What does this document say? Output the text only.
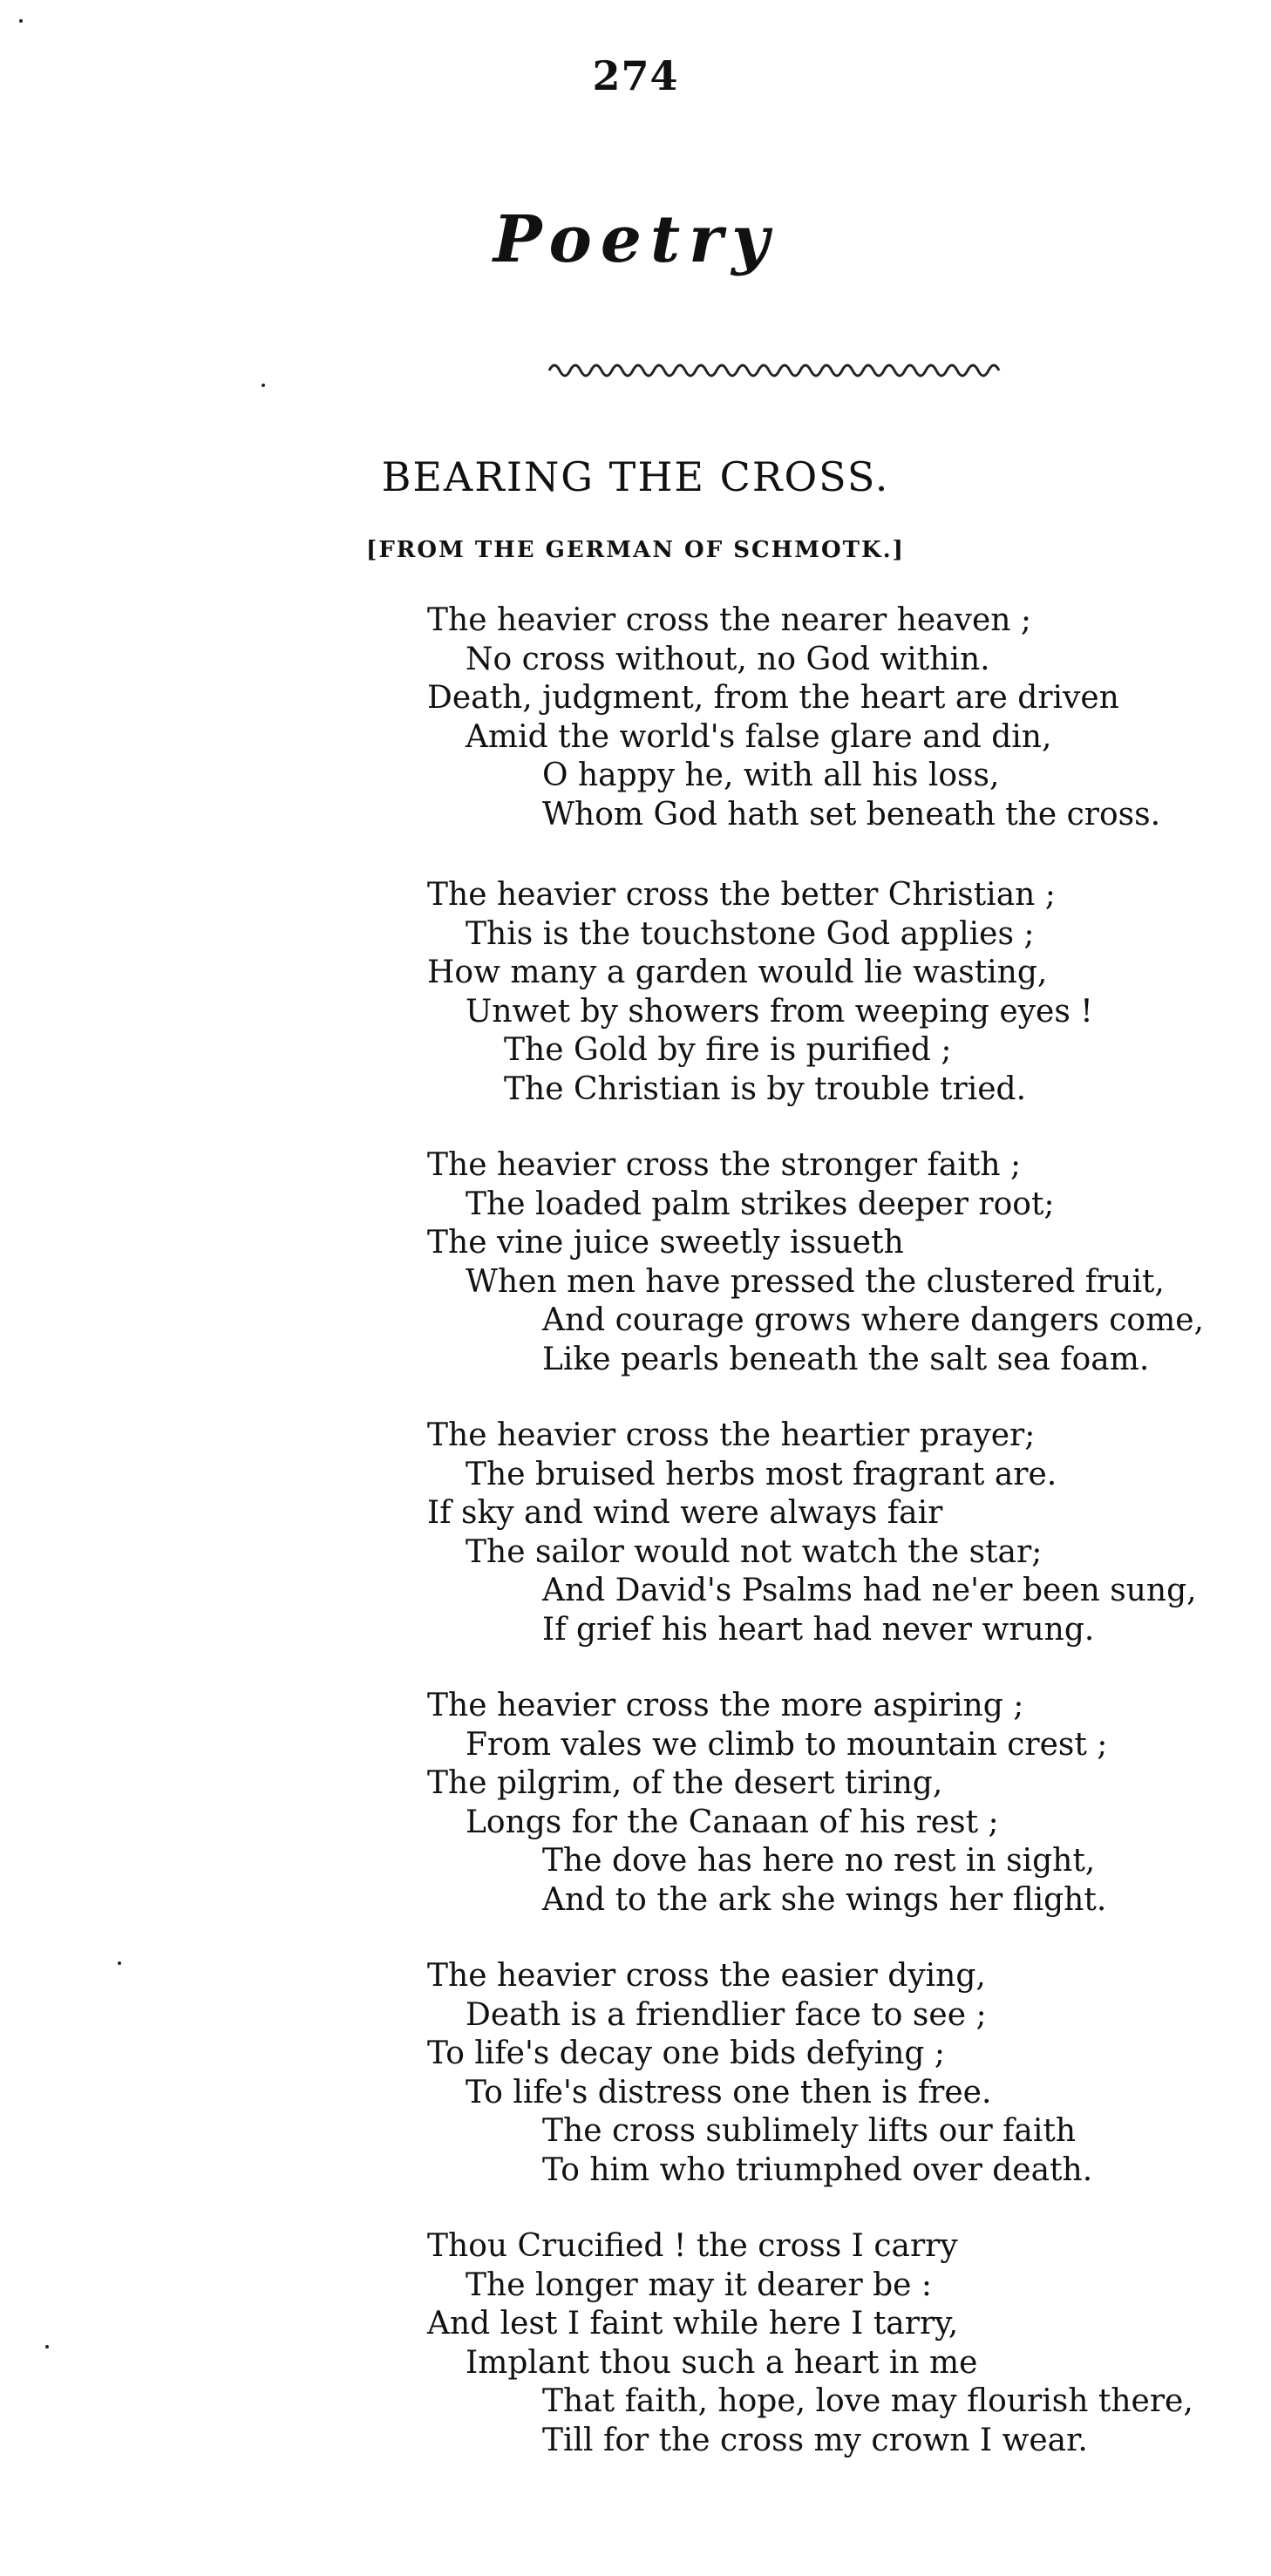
274
Poetry
BEARING THE CROSS.
[FROM THE GERMAN OF SCHMOTK.]
The heavier cross the nearer heaven ;
No cross without, no God within.
Death, judgment, from the heart are driven
Amid the world's false glare and din,
O happy he, with all his loss,
Whom God hath set beneath the cross.
The heavier cross the better Christian ;
This is the touchstone God applies ;
How many a garden would lie wasting,
Unwet by showers from weeping eyes !
The Gold by fire is purified ;
The Christian is by trouble tried.
The heavier cross the stronger faith ;
The loaded palm strikes deeper root;
The vine juice sweetly issueth
When men have pressed the clustered fruit,
And courage grows where dangers come,
Like pearls beneath the salt sea foam.
The heavier cross the heartier prayer;
The bruised herbs most fragrant are.
If sky and wind were always fair
The sailor would not watch the star;
And David's Psalms had ne'er been sung,
If grief his heart had never wrung.
The heavier cross the more aspiring ;
From vales we climb to mountain crest ;
The pilgrim, of the desert tiring,
Longs for the Canaan of his rest ;
The dove has here no rest in sight,
And to the ark she wings her flight.
The heavier cross the easier dying,
Death is a friendlier face to see ;
To life's decay one bids defying ;
To life's distress one then is free.
The cross sublimely lifts our faith
To him who triumphed over death.
Thou Crucified ! the cross I carry
The longer may it dearer be :
And lest I faint while here I tarry,
Implant thou such a heart in me
That faith, hope, love may flourish there,
Till for the cross my crown I wear.
